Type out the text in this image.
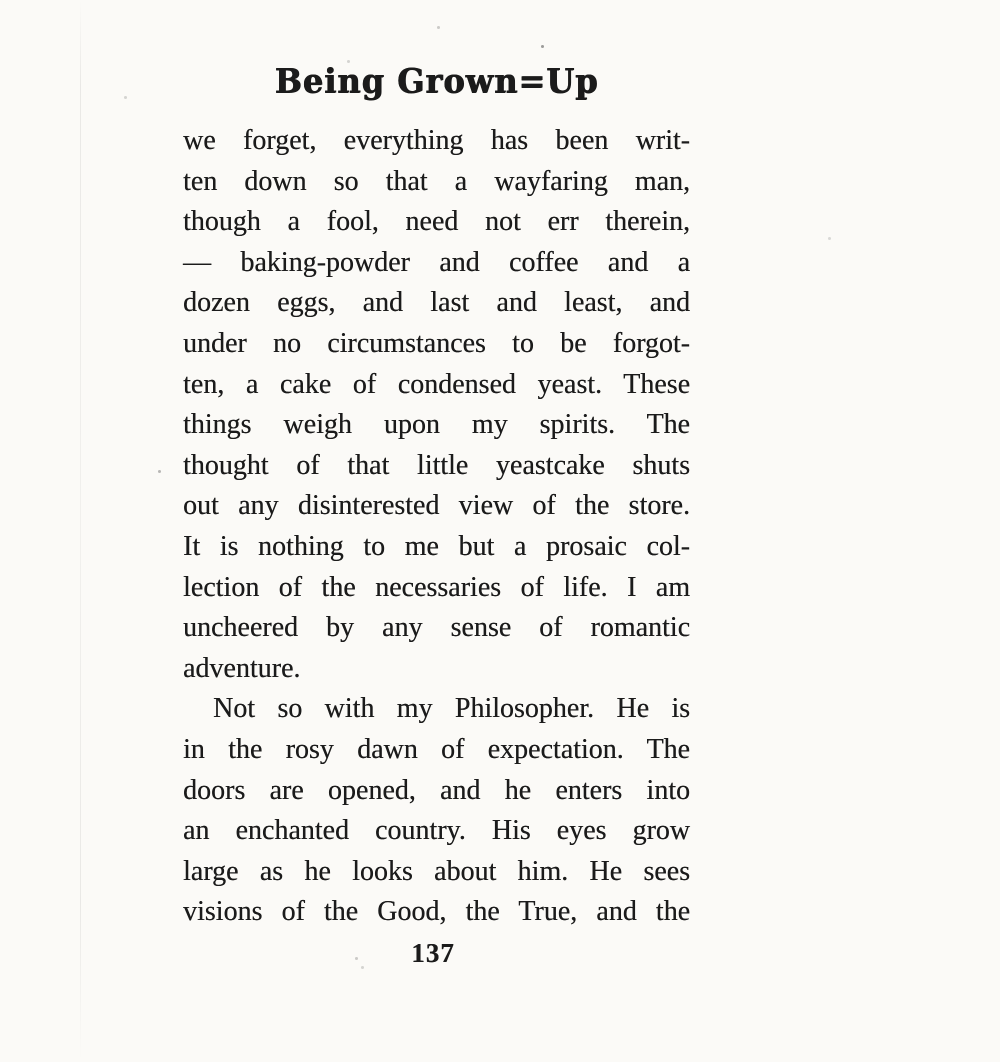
Being Grown=Up
we forget, everything has been writ-
ten down so that a wayfaring man,
though a fool, need not err therein,
— baking-powder and coffee and a
dozen eggs, and last and least, and
under no circumstances to be forgot-
ten, a cake of condensed yeast. These
things weigh upon my spirits. The
thought of that little yeastcake shuts
out any disinterested view of the store.
It is nothing to me but a prosaic col-
lection of the necessaries of life. I am
uncheered by any sense of romantic
adventure.
Not so with my Philosopher. He is
in the rosy dawn of expectation. The
doors are opened, and he enters into
an enchanted country. His eyes grow
large as he looks about him. He sees
visions of the Good, the True, and the
137
